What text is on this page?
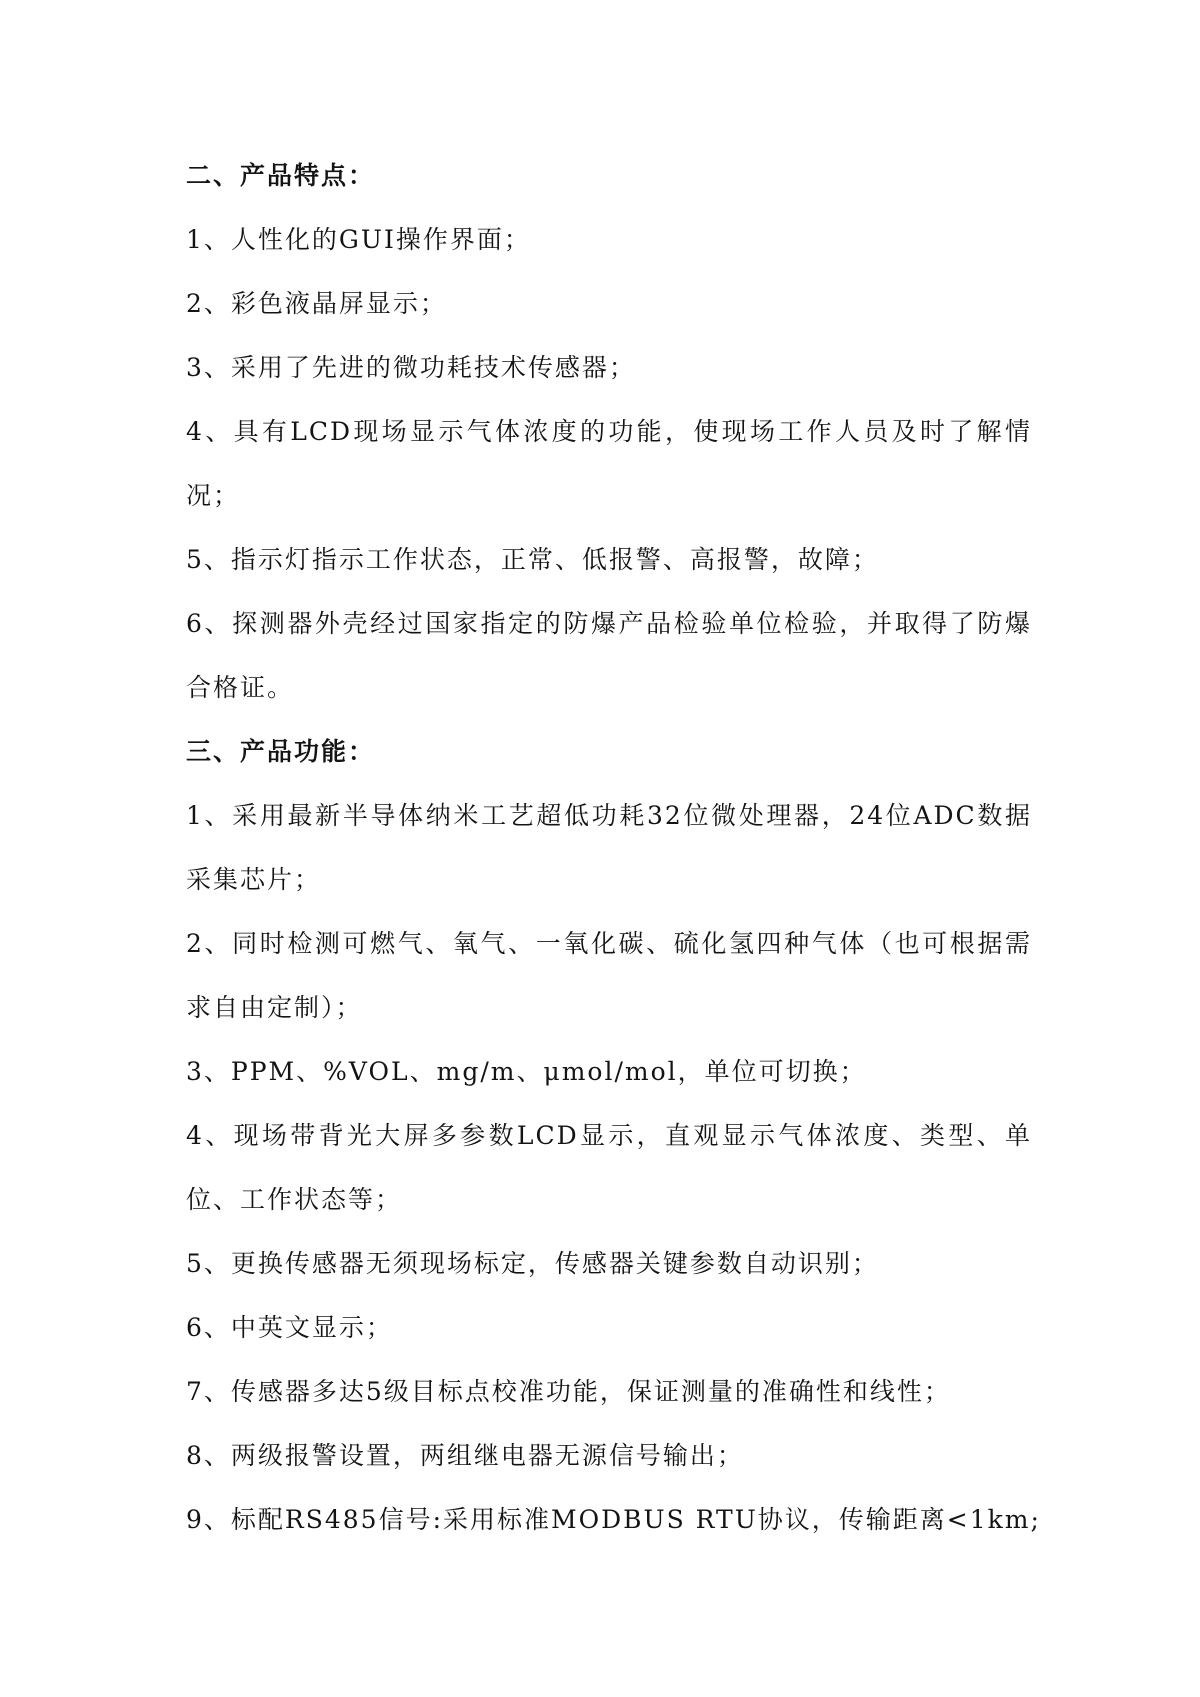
二、产品特点：
1、人性化的GUI操作界面；
2、彩色液晶屏显示；
3、采用了先进的微功耗技术传感器；
4、具有LCD现场显示气体浓度的功能，使现场工作人员及时了解情况；
5、指示灯指示工作状态，正常、低报警、高报警，故障；
6、探测器外壳经过国家指定的防爆产品检验单位检验，并取得了防爆合格证。
三、产品功能：
1、采用最新半导体纳米工艺超低功耗32位微处理器，24位ADC数据采集芯片；
2、同时检测可燃气、氧气、一氧化碳、硫化氢四种气体（也可根据需求自由定制）；
3、PPM、%VOL、mg/m、μmol/mol，单位可切换；
4、现场带背光大屏多参数LCD显示，直观显示气体浓度、类型、单位、工作状态等；
5、更换传感器无须现场标定，传感器关键参数自动识别；
6、中英文显示；
7、传感器多达5级目标点校准功能，保证测量的准确性和线性；
8、两级报警设置，两组继电器无源信号输出；
9、标配RS485信号:采用标准MODBUS RTU协议，传输距离<1km;
